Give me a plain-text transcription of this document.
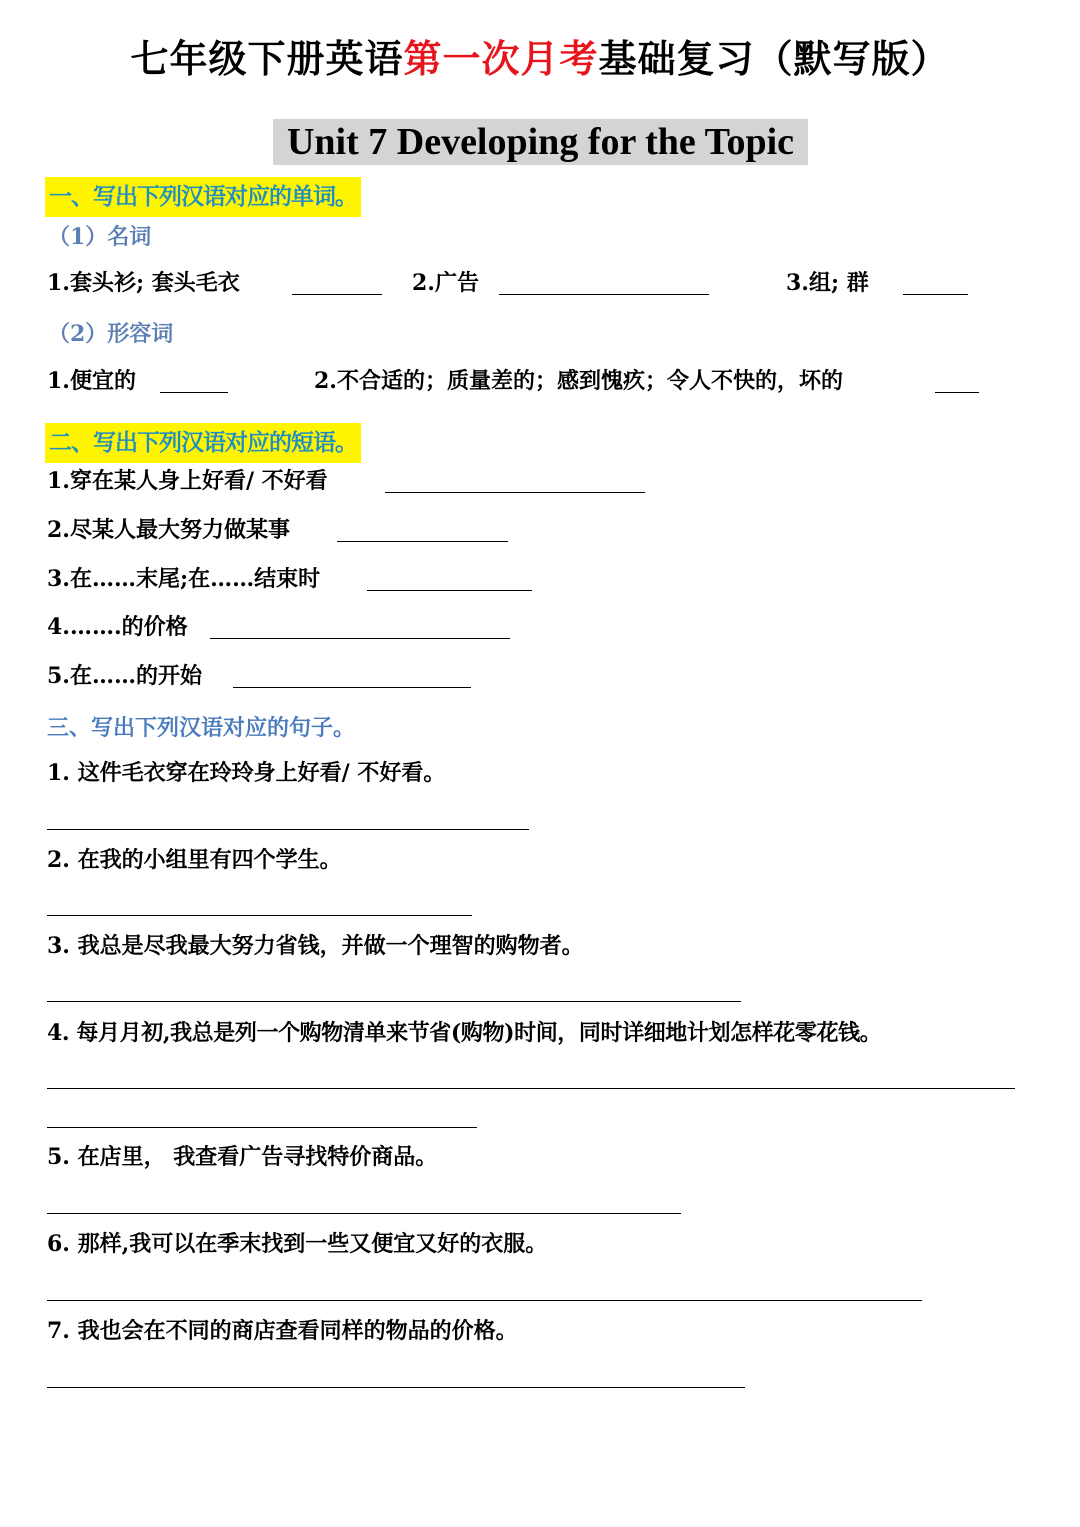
七年级下册英语第一次月考基础复习（默写版）
Unit 7 Developing for the Topic
一、写出下列汉语对应的单词。
（1）名词
1.套头衫; 套头毛衣	2.广告	3.组; 群
（2）形容词
1.便宜的	2.不合适的；质量差的；感到愧疚；令人不快的，坏的
二、写出下列汉语对应的短语。
1.穿在某人身上好看/ 不好看
2.尽某人最大努力做某事
3.在……末尾;在……结束时
4.…….的价格
5.在……的开始
三、写出下列汉语对应的句子。
1. 这件毛衣穿在玲玲身上好看/ 不好看。
2. 在我的小组里有四个学生。
3. 我总是尽我最大努力省钱，并做一个理智的购物者。
4. 每月月初,我总是列一个购物清单来节省(购物)时间，同时详细地计划怎样花零花钱。
5. 在店里， 我查看广告寻找特价商品。
6. 那样,我可以在季末找到一些又便宜又好的衣服。
7. 我也会在不同的商店查看同样的物品的价格。
